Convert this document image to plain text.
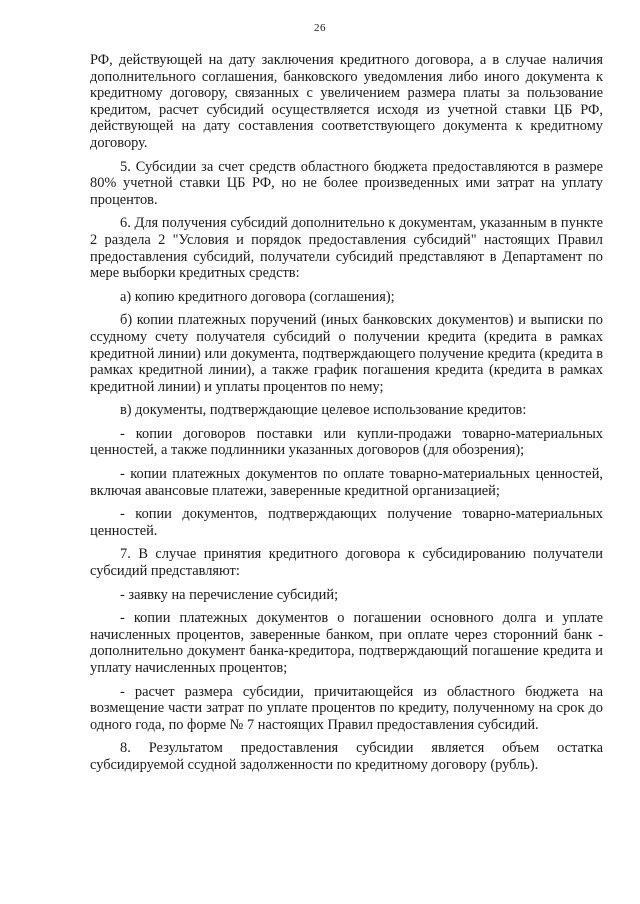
26

РФ, действующей на дату заключения кредитного договора, а в случае наличия дополнительного соглашения, банковского уведомления либо иного документа к кредитному договору, связанных с увеличением размера платы за пользование кредитом, расчет субсидий осуществляется исходя из учетной ставки ЦБ РФ, действующей на дату составления соответствующего документа к кредитному договору.

5. Субсидии за счет средств областного бюджета предоставляются в размере 80% учетной ставки ЦБ РФ, но не более произведенных ими затрат на уплату процентов.

6. Для получения субсидий дополнительно к документам, указанным в пункте 2 раздела 2 "Условия и порядок предоставления субсидий" настоящих Правил предоставления субсидий, получатели субсидий представляют в Департамент по мере выборки кредитных средств:

а) копию кредитного договора (соглашения);

б) копии платежных поручений (иных банковских документов) и выписки по ссудному счету получателя субсидий о получении кредита (кредита в рамках кредитной линии) или документа, подтверждающего получение кредита (кредита в рамках кредитной линии), а также график погашения кредита (кредита в рамках кредитной линии) и уплаты процентов по нему;

в) документы, подтверждающие целевое использование кредитов:

- копии договоров поставки или купли-продажи товарно-материальных ценностей, а также подлинники указанных договоров (для обозрения);

- копии платежных документов по оплате товарно-материальных ценностей, включая авансовые платежи, заверенные кредитной организацией;

- копии документов, подтверждающих получение товарно-материальных ценностей.

7. В случае принятия кредитного договора к субсидированию получатели субсидий представляют:

- заявку на перечисление субсидий;

- копии платежных документов о погашении основного долга и уплате начисленных процентов, заверенные банком, при оплате через сторонний банк - дополнительно документ банка-кредитора, подтверждающий погашение кредита и уплату начисленных процентов;

- расчет размера субсидии, причитающейся из областного бюджета на возмещение части затрат по уплате процентов по кредиту, полученному на срок до одного года, по форме № 7 настоящих Правил предоставления субсидий.

8. Результатом предоставления субсидии является объем остатка субсидируемой ссудной задолженности по кредитному договору (рубль).
